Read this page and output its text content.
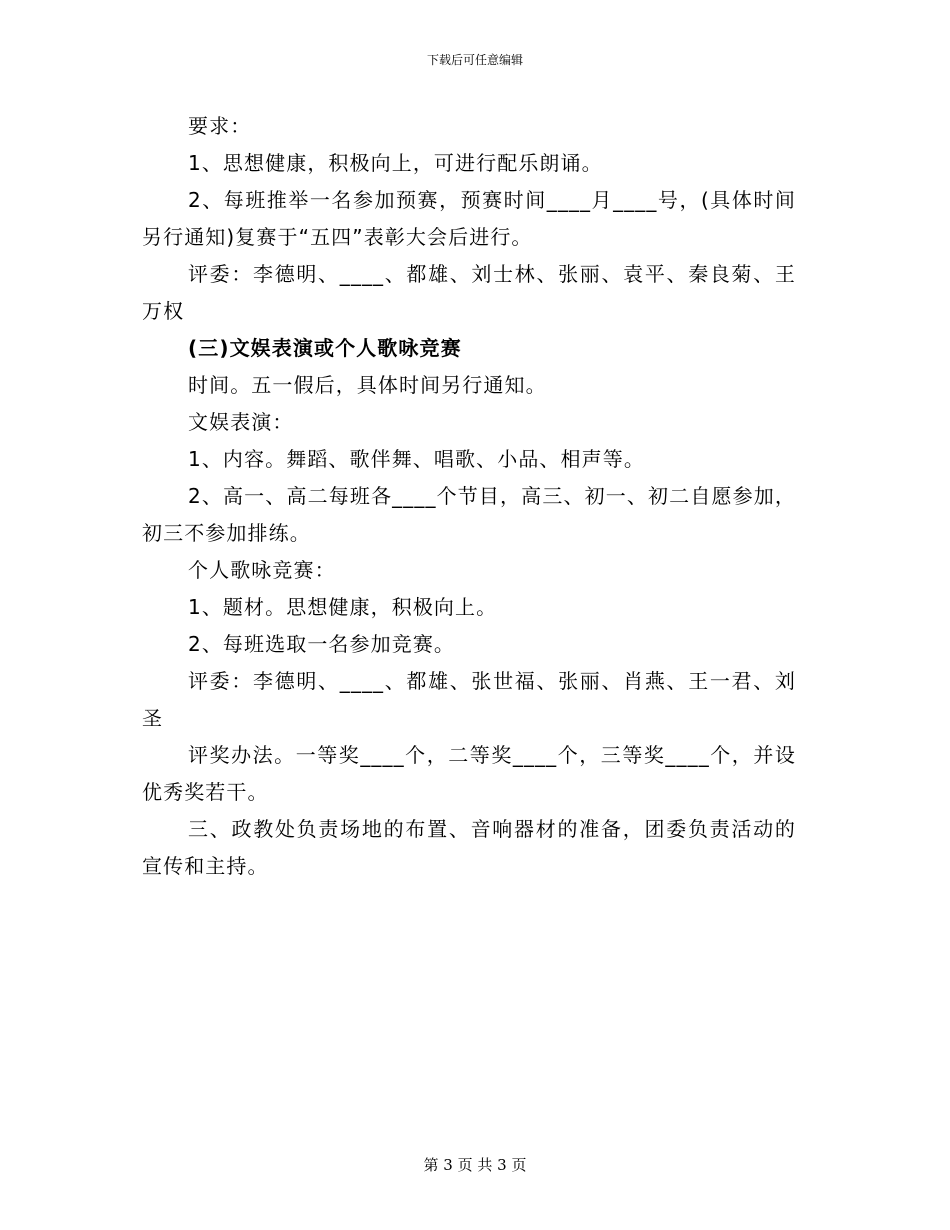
下载后可任意编辑

要求：

1、思想健康，积极向上，可进行配乐朗诵。

2、每班推举一名参加预赛，预赛时间____月____号，(具体时间另行通知)复赛于“五四”表彰大会后进行。

评委：李德明、____、都雄、刘士林、张丽、袁平、秦良菊、王万权

(三)文娱表演或个人歌咏竞赛

时间。五一假后，具体时间另行通知。

文娱表演：

1、内容。舞蹈、歌伴舞、唱歌、小品、相声等。

2、高一、高二每班各____个节目，高三、初一、初二自愿参加，初三不参加排练。

个人歌咏竞赛：

1、题材。思想健康，积极向上。

2、每班选取一名参加竞赛。

评委：李德明、____、都雄、张世福、张丽、肖燕、王一君、刘圣

评奖办法。一等奖____个，二等奖____个，三等奖____个，并设优秀奖若干。

三、政教处负责场地的布置、音响器材的准备，团委负责活动的宣传和主持。

第 3 页 共 3 页
